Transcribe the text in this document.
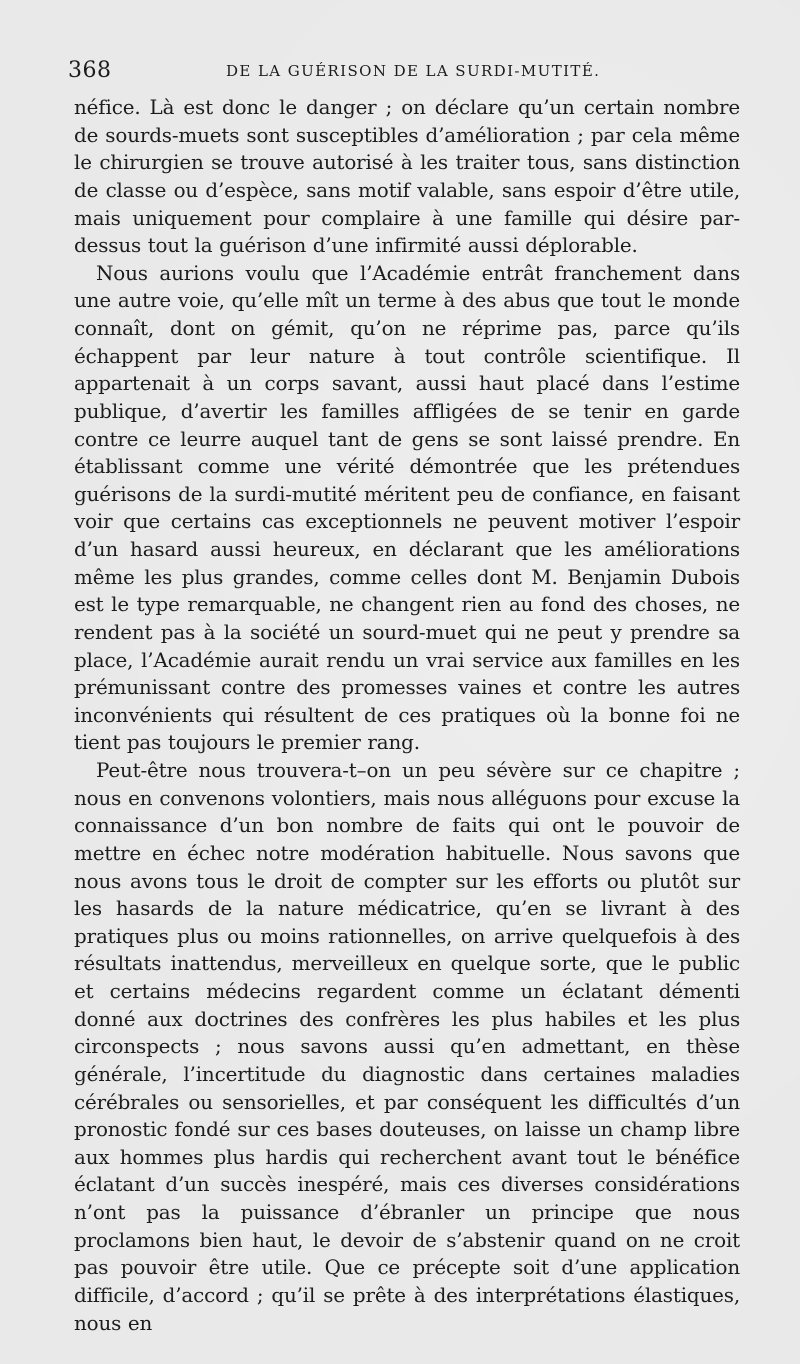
368	DE LA GUÉRISON DE LA SURDI-MUTITÉ.

néfice. Là est donc le danger ; on déclare qu’un certain nombre de sourds-muets sont susceptibles d’amélioration ; par cela même le chirurgien se trouve autorisé à les traiter tous, sans distinction de classe ou d’espèce, sans motif valable, sans espoir d’être utile, mais uniquement pour complaire à une famille qui désire par-dessus tout la guérison d’une infirmité aussi déplorable.

Nous aurions voulu que l’Académie entrât franchement dans une autre voie, qu’elle mît un terme à des abus que tout le monde connaît, dont on gémit, qu’on ne réprime pas, parce qu’ils échappent par leur nature à tout contrôle scientifique. Il appartenait à un corps savant, aussi haut placé dans l’estime publique, d’avertir les familles affligées de se tenir en garde contre ce leurre auquel tant de gens se sont laissé prendre. En établissant comme une vérité démontrée que les prétendues guérisons de la surdi-mutité méritent peu de confiance, en faisant voir que certains cas exceptionnels ne peuvent motiver l’espoir d’un hasard aussi heureux, en déclarant que les améliorations même les plus grandes, comme celles dont M. Benjamin Dubois est le type remarquable, ne changent rien au fond des choses, ne rendent pas à la société un sourd-muet qui ne peut y prendre sa place, l’Académie aurait rendu un vrai service aux familles en les prémunissant contre des promesses vaines et contre les autres inconvénients qui résultent de ces pratiques où la bonne foi ne tient pas toujours le premier rang.

Peut-être nous trouvera-t–on un peu sévère sur ce chapitre ; nous en convenons volontiers, mais nous alléguons pour excuse la connaissance d’un bon nombre de faits qui ont le pouvoir de mettre en échec notre modération habituelle. Nous savons que nous avons tous le droit de compter sur les efforts ou plutôt sur les hasards de la nature médicatrice, qu’en se livrant à des pratiques plus ou moins rationnelles, on arrive quelquefois à des résultats inattendus, merveilleux en quelque sorte, que le public et certains médecins regardent comme un éclatant démenti donné aux doctrines des confrères les plus habiles et les plus circonspects ; nous savons aussi qu’en admettant, en thèse générale, l’incertitude du diagnostic dans certaines maladies cérébrales ou sensorielles, et par conséquent les difficultés d’un pronostic fondé sur ces bases douteuses, on laisse un champ libre aux hommes plus hardis qui recherchent avant tout le bénéfice éclatant d’un succès inespéré, mais ces diverses considérations n’ont pas la puissance d’ébranler un principe que nous proclamons bien haut, le devoir de s’abstenir quand on ne croit pas pouvoir être utile. Que ce précepte soit d’une application difficile, d’accord ; qu’il se prête à des interprétations élastiques, nous en
